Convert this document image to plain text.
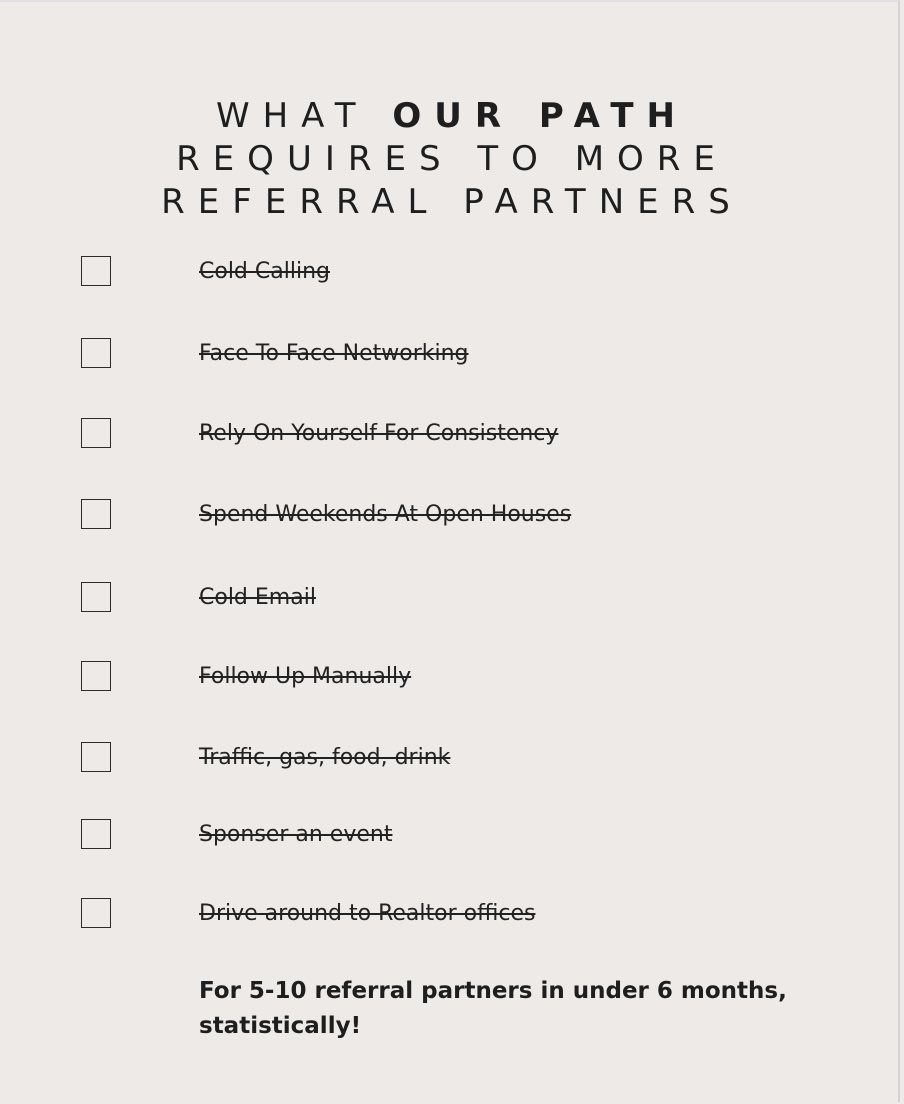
WHAT OUR PATH
REQUIRES TO MORE
REFERRAL PARTNERS
Cold Calling
Face To Face Networking
Rely On Yourself For Consistency
Spend Weekends At Open Houses
Cold Email
Follow Up Manually
Traffic, gas, food, drink
Sponser an event
Drive around to Realtor offices
For 5-10 referral partners in under 6 months, statistically!
